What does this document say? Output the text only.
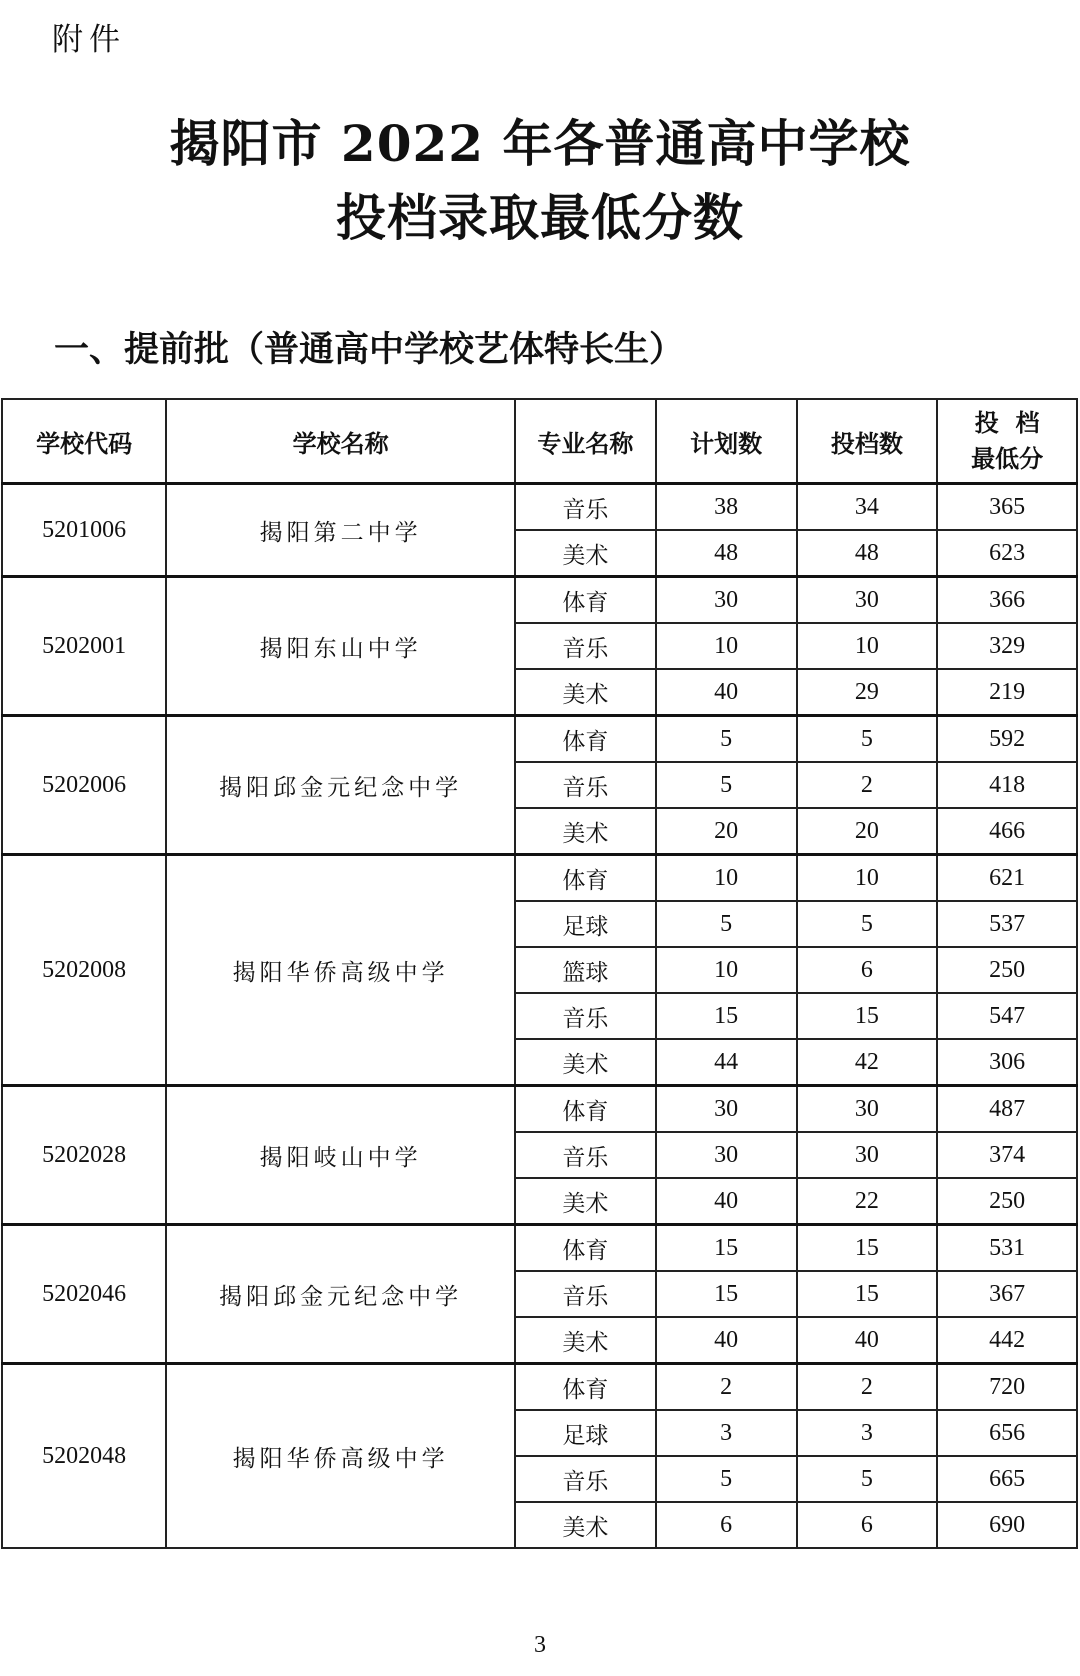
附件
揭阳市 2022 年各普通高中学校
投档录取最低分数
一、提前批（普通高中学校艺体特长生）
学校代码	学校名称	专业名称	计划数	投档数	投  档
最低分
5201006	揭阳第二中学	音乐	38	34	365
		美术	48	48	623
5202001	揭阳东山中学	体育	30	30	366
		音乐	10	10	329
		美术	40	29	219
5202006	揭阳邱金元纪念中学	体育	5	5	592
		音乐	5	2	418
		美术	20	20	466
5202008	揭阳华侨高级中学	体育	10	10	621
		足球	5	5	537
		篮球	10	6	250
		音乐	15	15	547
		美术	44	42	306
5202028	揭阳岐山中学	体育	30	30	487
		音乐	30	30	374
		美术	40	22	250
5202046	揭阳邱金元纪念中学	体育	15	15	531
		音乐	15	15	367
		美术	40	40	442
5202048	揭阳华侨高级中学	体育	2	2	720
		足球	3	3	656
		音乐	5	5	665
		美术	6	6	690
3
